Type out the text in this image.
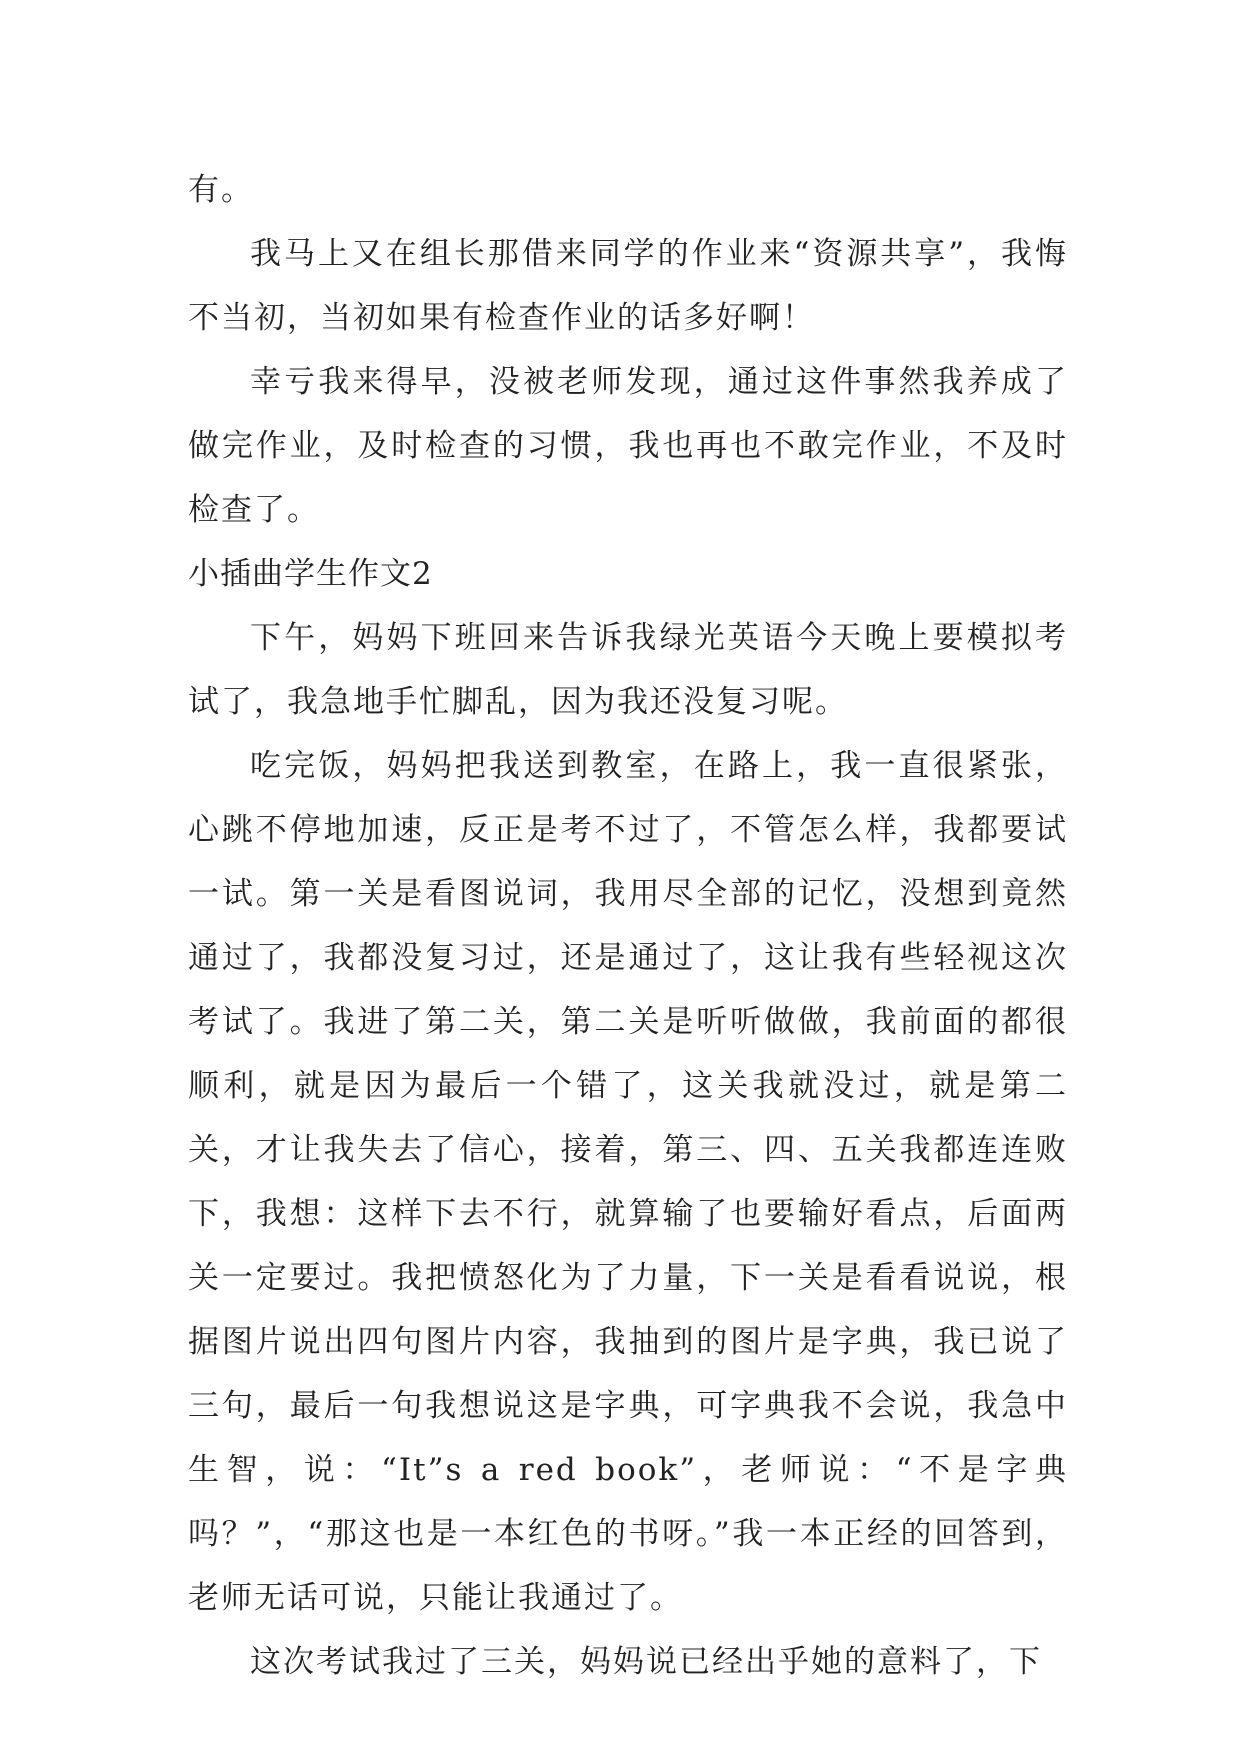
有。

我马上又在组长那借来同学的作业来“资源共享”，我悔不当初，当初如果有检查作业的话多好啊！

幸亏我来得早，没被老师发现，通过这件事然我养成了做完作业，及时检查的习惯，我也再也不敢完作业，不及时检查了。

小插曲学生作文2

下午，妈妈下班回来告诉我绿光英语今天晚上要模拟考试了，我急地手忙脚乱，因为我还没复习呢。

吃完饭，妈妈把我送到教室，在路上，我一直很紧张，心跳不停地加速，反正是考不过了，不管怎么样，我都要试一试。第一关是看图说词，我用尽全部的记忆，没想到竟然通过了，我都没复习过，还是通过了，这让我有些轻视这次考试了。我进了第二关，第二关是听听做做，我前面的都很顺利，就是因为最后一个错了，这关我就没过，就是第二关，才让我失去了信心，接着，第三、四、五关我都连连败下，我想：这样下去不行，就算输了也要输好看点，后面两关一定要过。我把愤怒化为了力量，下一关是看看说说，根据图片说出四句图片内容，我抽到的图片是字典，我已说了三句，最后一句我想说这是字典，可字典我不会说，我急中生智，说：“It”s a red book”，老师说：“不是字典吗？”，“那这也是一本红色的书呀。”我一本正经的回答到，老师无话可说，只能让我通过了。

这次考试我过了三关，妈妈说已经出乎她的意料了，下
